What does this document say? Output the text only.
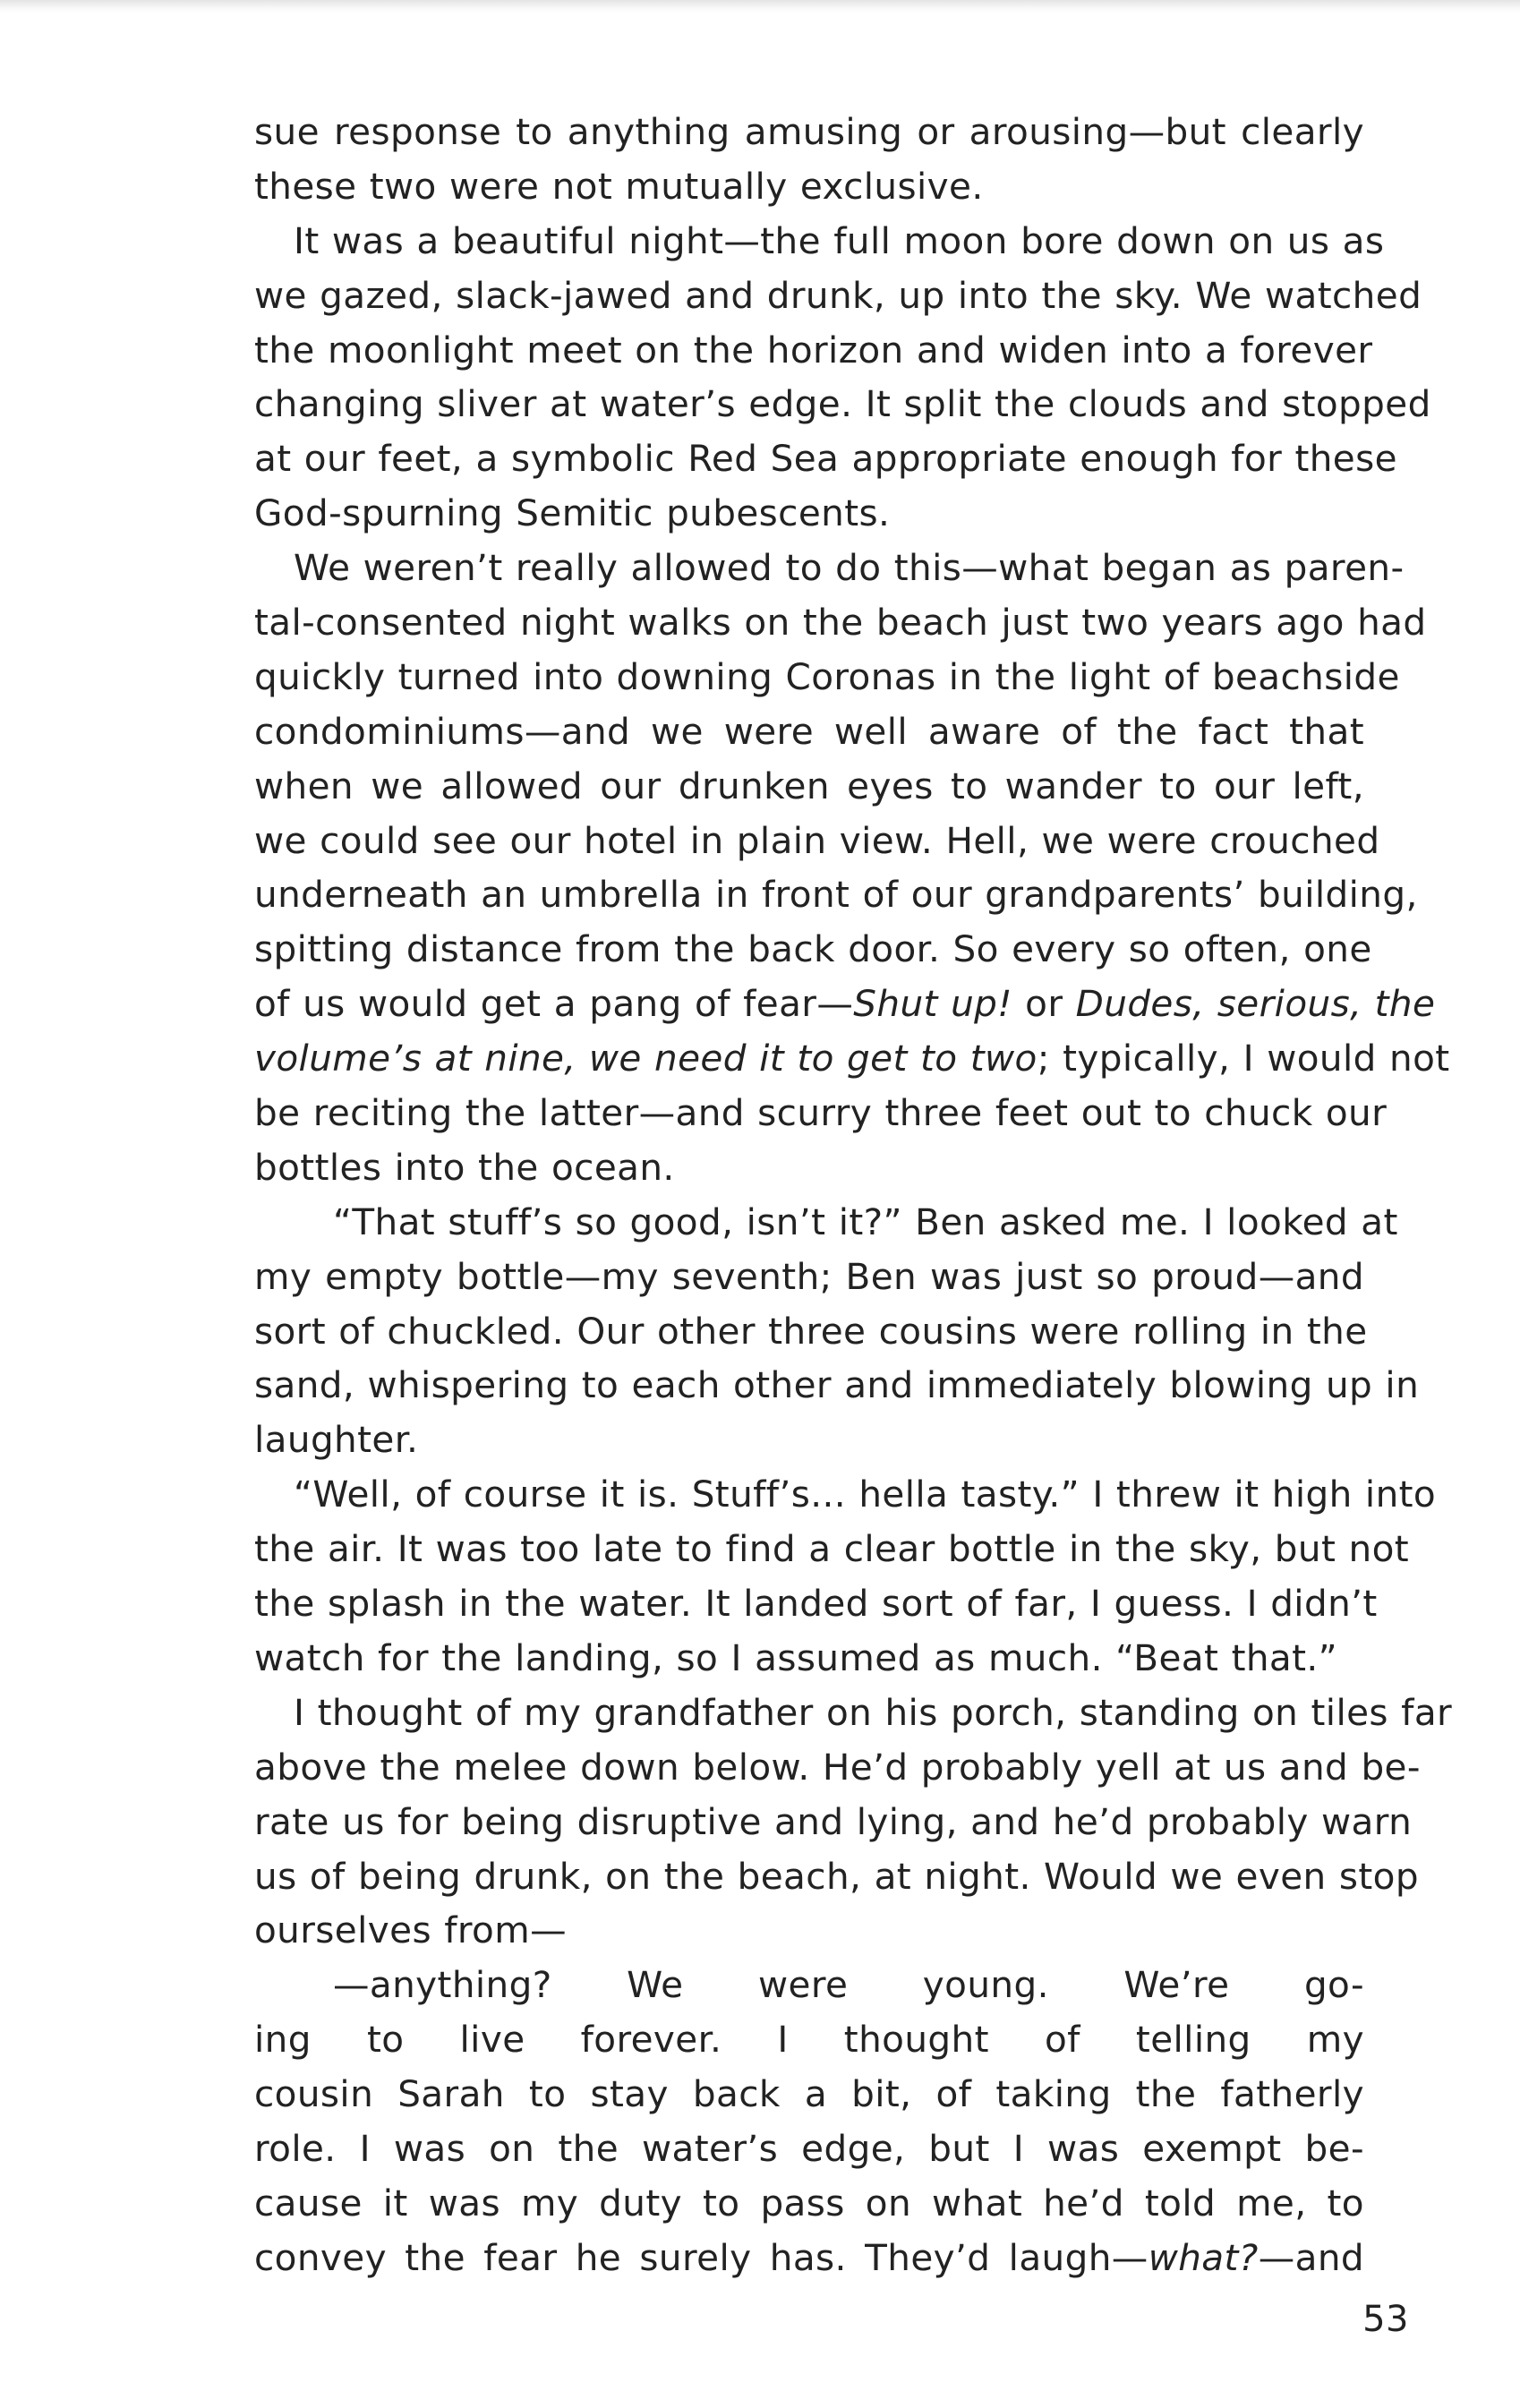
sue response to anything amusing or arousing—but clearly
these two were not mutually exclusive.
It was a beautiful night—the full moon bore down on us as
we gazed, slack-jawed and drunk, up into the sky. We watched
the moonlight meet on the horizon and widen into a forever
changing sliver at water’s edge. It split the clouds and stopped
at our feet, a symbolic Red Sea appropriate enough for these
God-spurning Semitic pubescents.
We weren’t really allowed to do this—what began as paren-
tal-consented night walks on the beach just two years ago had
quickly turned into downing Coronas in the light of beachside
condominiums—and we were well aware of the fact that
when we allowed our drunken eyes to wander to our left,
we could see our hotel in plain view. Hell, we were crouched
underneath an umbrella in front of our grandparents’ building,
spitting distance from the back door. So every so often, one
of us would get a pang of fear—Shut up! or Dudes, serious, the
volume’s at nine, we need it to get to two; typically, I would not
be reciting the latter—and scurry three feet out to chuck our
bottles into the ocean.
“That stuff’s so good, isn’t it?” Ben asked me. I looked at
my empty bottle—my seventh; Ben was just so proud—and
sort of chuckled. Our other three cousins were rolling in the
sand, whispering to each other and immediately blowing up in
laughter.
“Well, of course it is. Stuff’s... hella tasty.” I threw it high into
the air. It was too late to find a clear bottle in the sky, but not
the splash in the water. It landed sort of far, I guess. I didn’t
watch for the landing, so I assumed as much. “Beat that.”
I thought of my grandfather on his porch, standing on tiles far
above the melee down below. He’d probably yell at us and be-
rate us for being disruptive and lying, and he’d probably warn
us of being drunk, on the beach, at night. Would we even stop
ourselves from—
—anything? We were young. We’re go-
ing to live forever. I thought of telling my
cousin Sarah to stay back a bit, of taking the fatherly
role. I was on the water’s edge, but I was exempt be-
cause it was my duty to pass on what he’d told me, to
convey the fear he surely has. They’d laugh—what?—and
53
